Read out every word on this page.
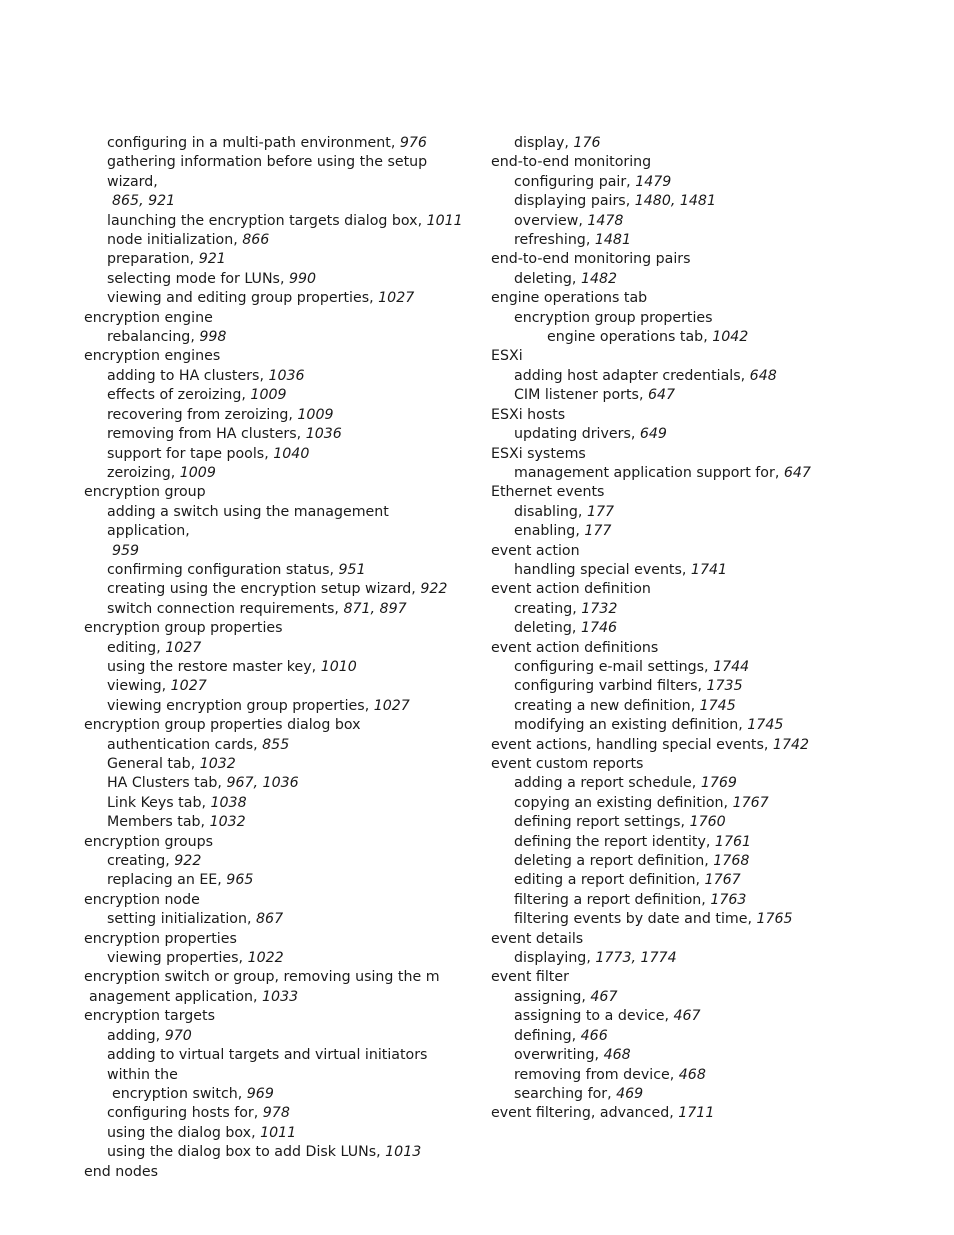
configuring in a multi-path environment, 976
gathering information before using the setup wizard,
865, 921
launching the encryption targets dialog box, 1011
node initialization, 866
preparation, 921
selecting mode for LUNs, 990
viewing and editing group properties, 1027
encryption engine
rebalancing, 998
encryption engines
adding to HA clusters, 1036
effects of zeroizing, 1009
recovering from zeroizing, 1009
removing from HA clusters, 1036
support for tape pools, 1040
zeroizing, 1009
encryption group
adding a switch using the management application,
959
confirming configuration status, 951
creating using the encryption setup wizard, 922
switch connection requirements, 871, 897
encryption group properties
editing, 1027
using the restore master key, 1010
viewing, 1027
viewing encryption group properties, 1027
encryption group properties dialog box
authentication cards, 855
General tab, 1032
HA Clusters tab, 967, 1036
Link Keys tab, 1038
Members tab, 1032
encryption groups
creating, 922
replacing an EE, 965
encryption node
setting initialization, 867
encryption properties
viewing properties, 1022
encryption switch or group, removing using the m
anagement application, 1033
encryption targets
adding, 970
adding to virtual targets and virtual initiators within the
encryption switch, 969
configuring hosts for, 978
using the dialog box, 1011
using the dialog box to add Disk LUNs, 1013
end nodes
display, 176
end-to-end monitoring
configuring pair, 1479
displaying pairs, 1480, 1481
overview, 1478
refreshing, 1481
end-to-end monitoring pairs
deleting, 1482
engine operations tab
encryption group properties
engine operations tab, 1042
ESXi
adding host adapter credentials, 648
CIM listener ports, 647
ESXi hosts
updating drivers, 649
ESXi systems
management application support for, 647
Ethernet events
disabling, 177
enabling, 177
event action
handling special events, 1741
event action definition
creating, 1732
deleting, 1746
event action definitions
configuring e-mail settings, 1744
configuring varbind filters, 1735
creating a new definition, 1745
modifying an existing definition, 1745
event actions, handling special events, 1742
event custom reports
adding a report schedule, 1769
copying an existing definition, 1767
defining report settings, 1760
defining the report identity, 1761
deleting a report definition, 1768
editing a report definition, 1767
filtering a report definition, 1763
filtering events by date and time, 1765
event details
displaying, 1773, 1774
event filter
assigning, 467
assigning to a device, 467
defining, 466
overwriting, 468
removing from device, 468
searching for, 469
event filtering, advanced, 1711
